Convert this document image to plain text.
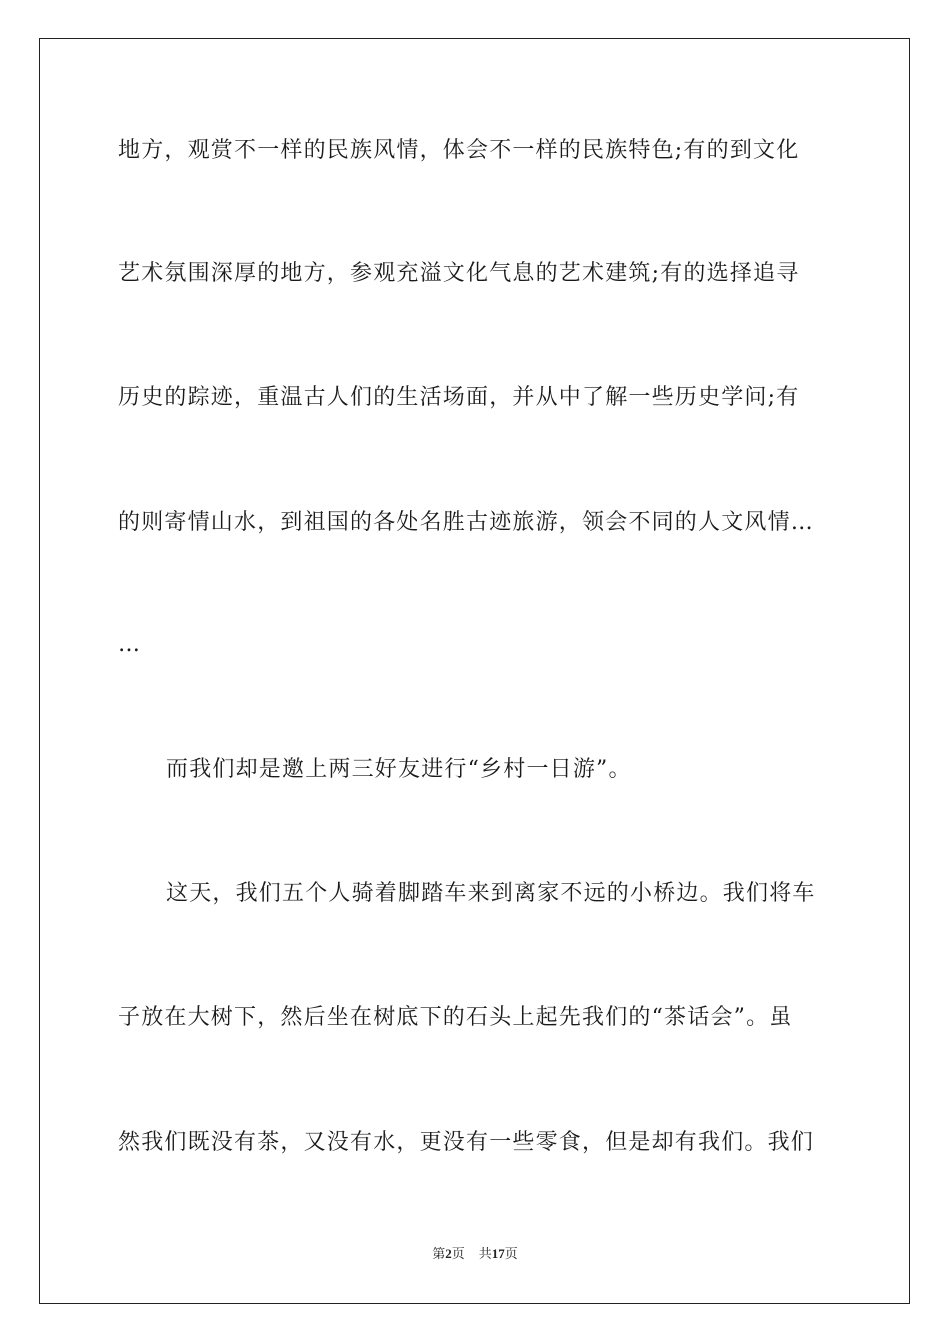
地方，观赏不一样的民族风情，体会不一样的民族特色;有的到文化
艺术氛围深厚的地方，参观充溢文化气息的艺术建筑;有的选择追寻
历史的踪迹，重温古人们的生活场面，并从中了解一些历史学问;有
的则寄情山水，到祖国的各处名胜古迹旅游，领会不同的人文风情…
…
而我们却是邀上两三好友进行“乡村一日游”。
这天，我们五个人骑着脚踏车来到离家不远的小桥边。我们将车
子放在大树下，然后坐在树底下的石头上起先我们的“茶话会”。虽
然我们既没有茶，又没有水，更没有一些零食，但是却有我们。我们
第2页 共17页
